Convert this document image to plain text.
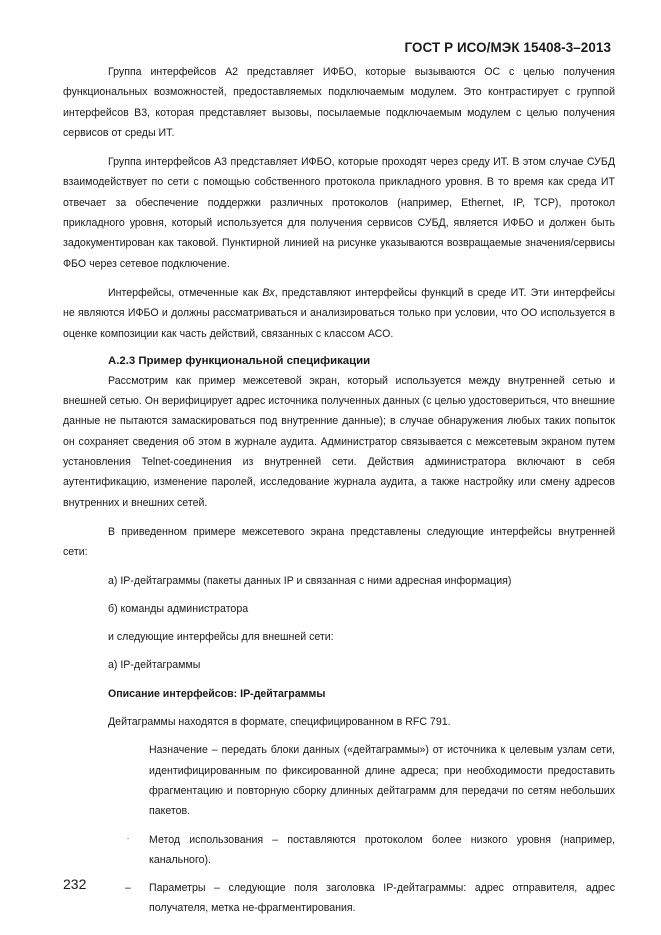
ГОСТ Р ИСО/МЭК 15408-3–2013

Группа интерфейсов А2 представляет ИФБО, которые вызываются ОС с целью получения функциональных возможностей, предоставляемых подключаемым модулем. Это контрастирует с группой интерфейсов В3, которая представляет вызовы, посылаемые подключаемым модулем с целью получения сервисов от среды ИТ.

Группа интерфейсов А3 представляет ИФБО, которые проходят через среду ИТ. В этом случае СУБД взаимодействует по сети с помощью собственного протокола прикладного уровня. В то время как среда ИТ отвечает за обеспечение поддержки различных протоколов (например, Ethernet, IP, TCP), протокол прикладного уровня, который используется для получения сервисов СУБД, является ИФБО и должен быть задокументирован как таковой. Пунктирной линией на рисунке указываются возвращаемые значения/сервисы ФБО через сетевое подключение.

Интерфейсы, отмеченные как Bx, представляют интерфейсы функций в среде ИТ. Эти интерфейсы не являются ИФБО и должны рассматриваться и анализироваться только при условии, что ОО используется в оценке композиции как часть действий, связанных с классом АСО.

А.2.3 Пример функциональной спецификации

Рассмотрим как пример межсетевой экран, который используется между внутренней сетью и внешней сетью. Он верифицирует адрес источника полученных данных (с целью удостовериться, что внешние данные не пытаются замаскироваться под внутренние данные); в случае обнаружения любых таких попыток он сохраняет сведения об этом в журнале аудита. Администратор связывается с межсетевым экраном путем установления Telnet-соединения из внутренней сети. Действия администратора включают в себя аутентификацию, изменение паролей, исследование журнала аудита, а также настройку или смену адресов внутренних и внешних сетей.

В приведенном примере межсетевого экрана представлены следующие интерфейсы внутренней сети:

а) IP-дейтаграммы (пакеты данных IP и связанная с ними адресная информация)

б) команды администратора

и следующие интерфейсы для внешней сети:

а) IP-дейтаграммы

Описание интерфейсов: IP-дейтаграммы

Дейтаграммы находятся в формате, специфицированном в RFC 791.

Назначение – передать блоки данных («дейтаграммы») от источника к целевым узлам сети, идентифицированным по фиксированной длине адреса; при необходимости предоставить фрагментацию и повторную сборку длинных дейтаграмм для передачи по сетям небольших пакетов.
-	Метод использования – поставляются протоколом более низкого уровня (например, канального).
–	Параметры – следующие поля заголовка IP-дейтаграммы: адрес отправителя, адрес получателя, метка не-фрагментирования.
232
